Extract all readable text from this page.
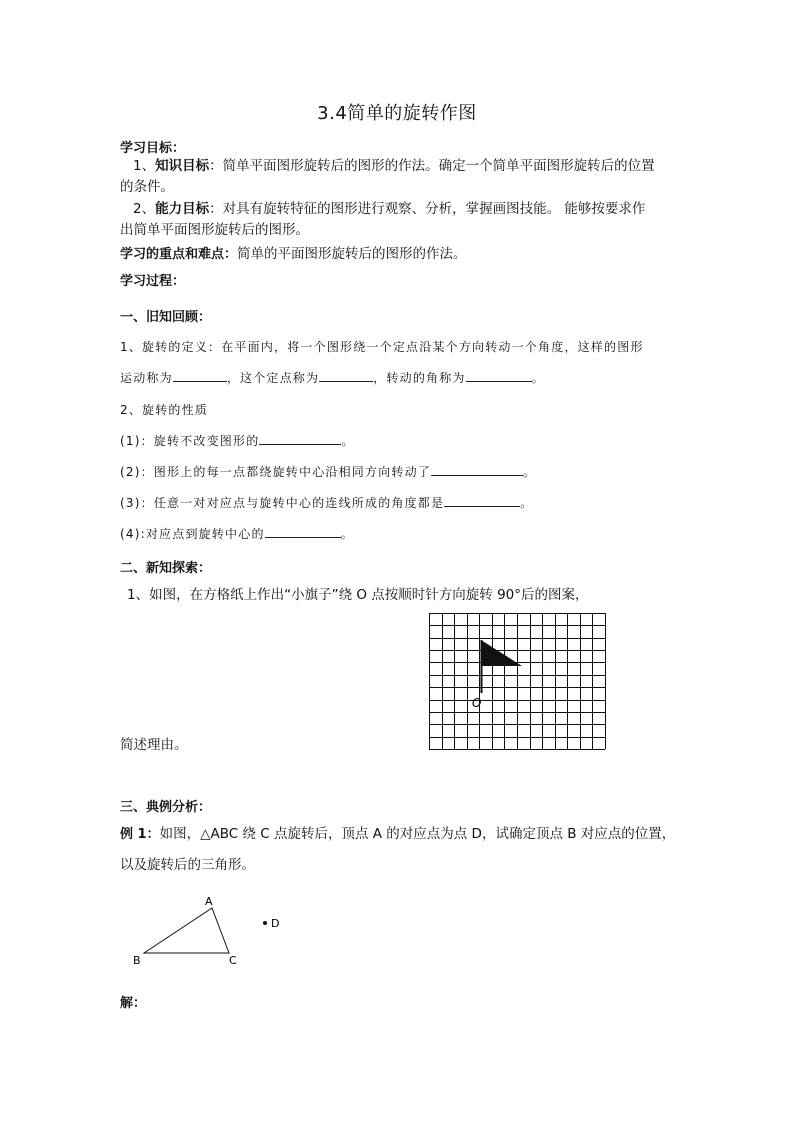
3.4简单的旋转作图
学习目标：
1、知识目标：简单平面图形旋转后的图形的作法。确定一个简单平面图形旋转后的位置
的条件。
2、能力目标：对具有旋转特征的图形进行观察、分析，掌握画图技能。 能够按要求作
出简单平面图形旋转后的图形。
学习的重点和难点：简单的平面图形旋转后的图形的作法。
学习过程：
一、旧知回顾：
1、旋转的定义：在平面内，将一个图形绕一个定点沿某个方向转动一个角度，这样的图形
运动称为	，这个定点称为	，转动的角称为	。
2、旋转的性质
(1)：旋转不改变图形的	。
(2)：图形上的每一点都绕旋转中心沿相同方向转动了	。
(3)：任意一对对应点与旋转中心的连线所成的角度都是	。
(4):对应点到旋转中心的	。
二、新知探索：
1、如图，在方格纸上作出“小旗子”绕 O 点按顺时针方向旋转 90°后的图案，
O
简述理由。
三、典例分析：
例 1：如图，△ABC 绕 C 点旋转后，顶点 A 的对应点为点 D，试确定顶点 B 对应点的位置，
以及旋转后的三角形。
A
B	C
D
解：
